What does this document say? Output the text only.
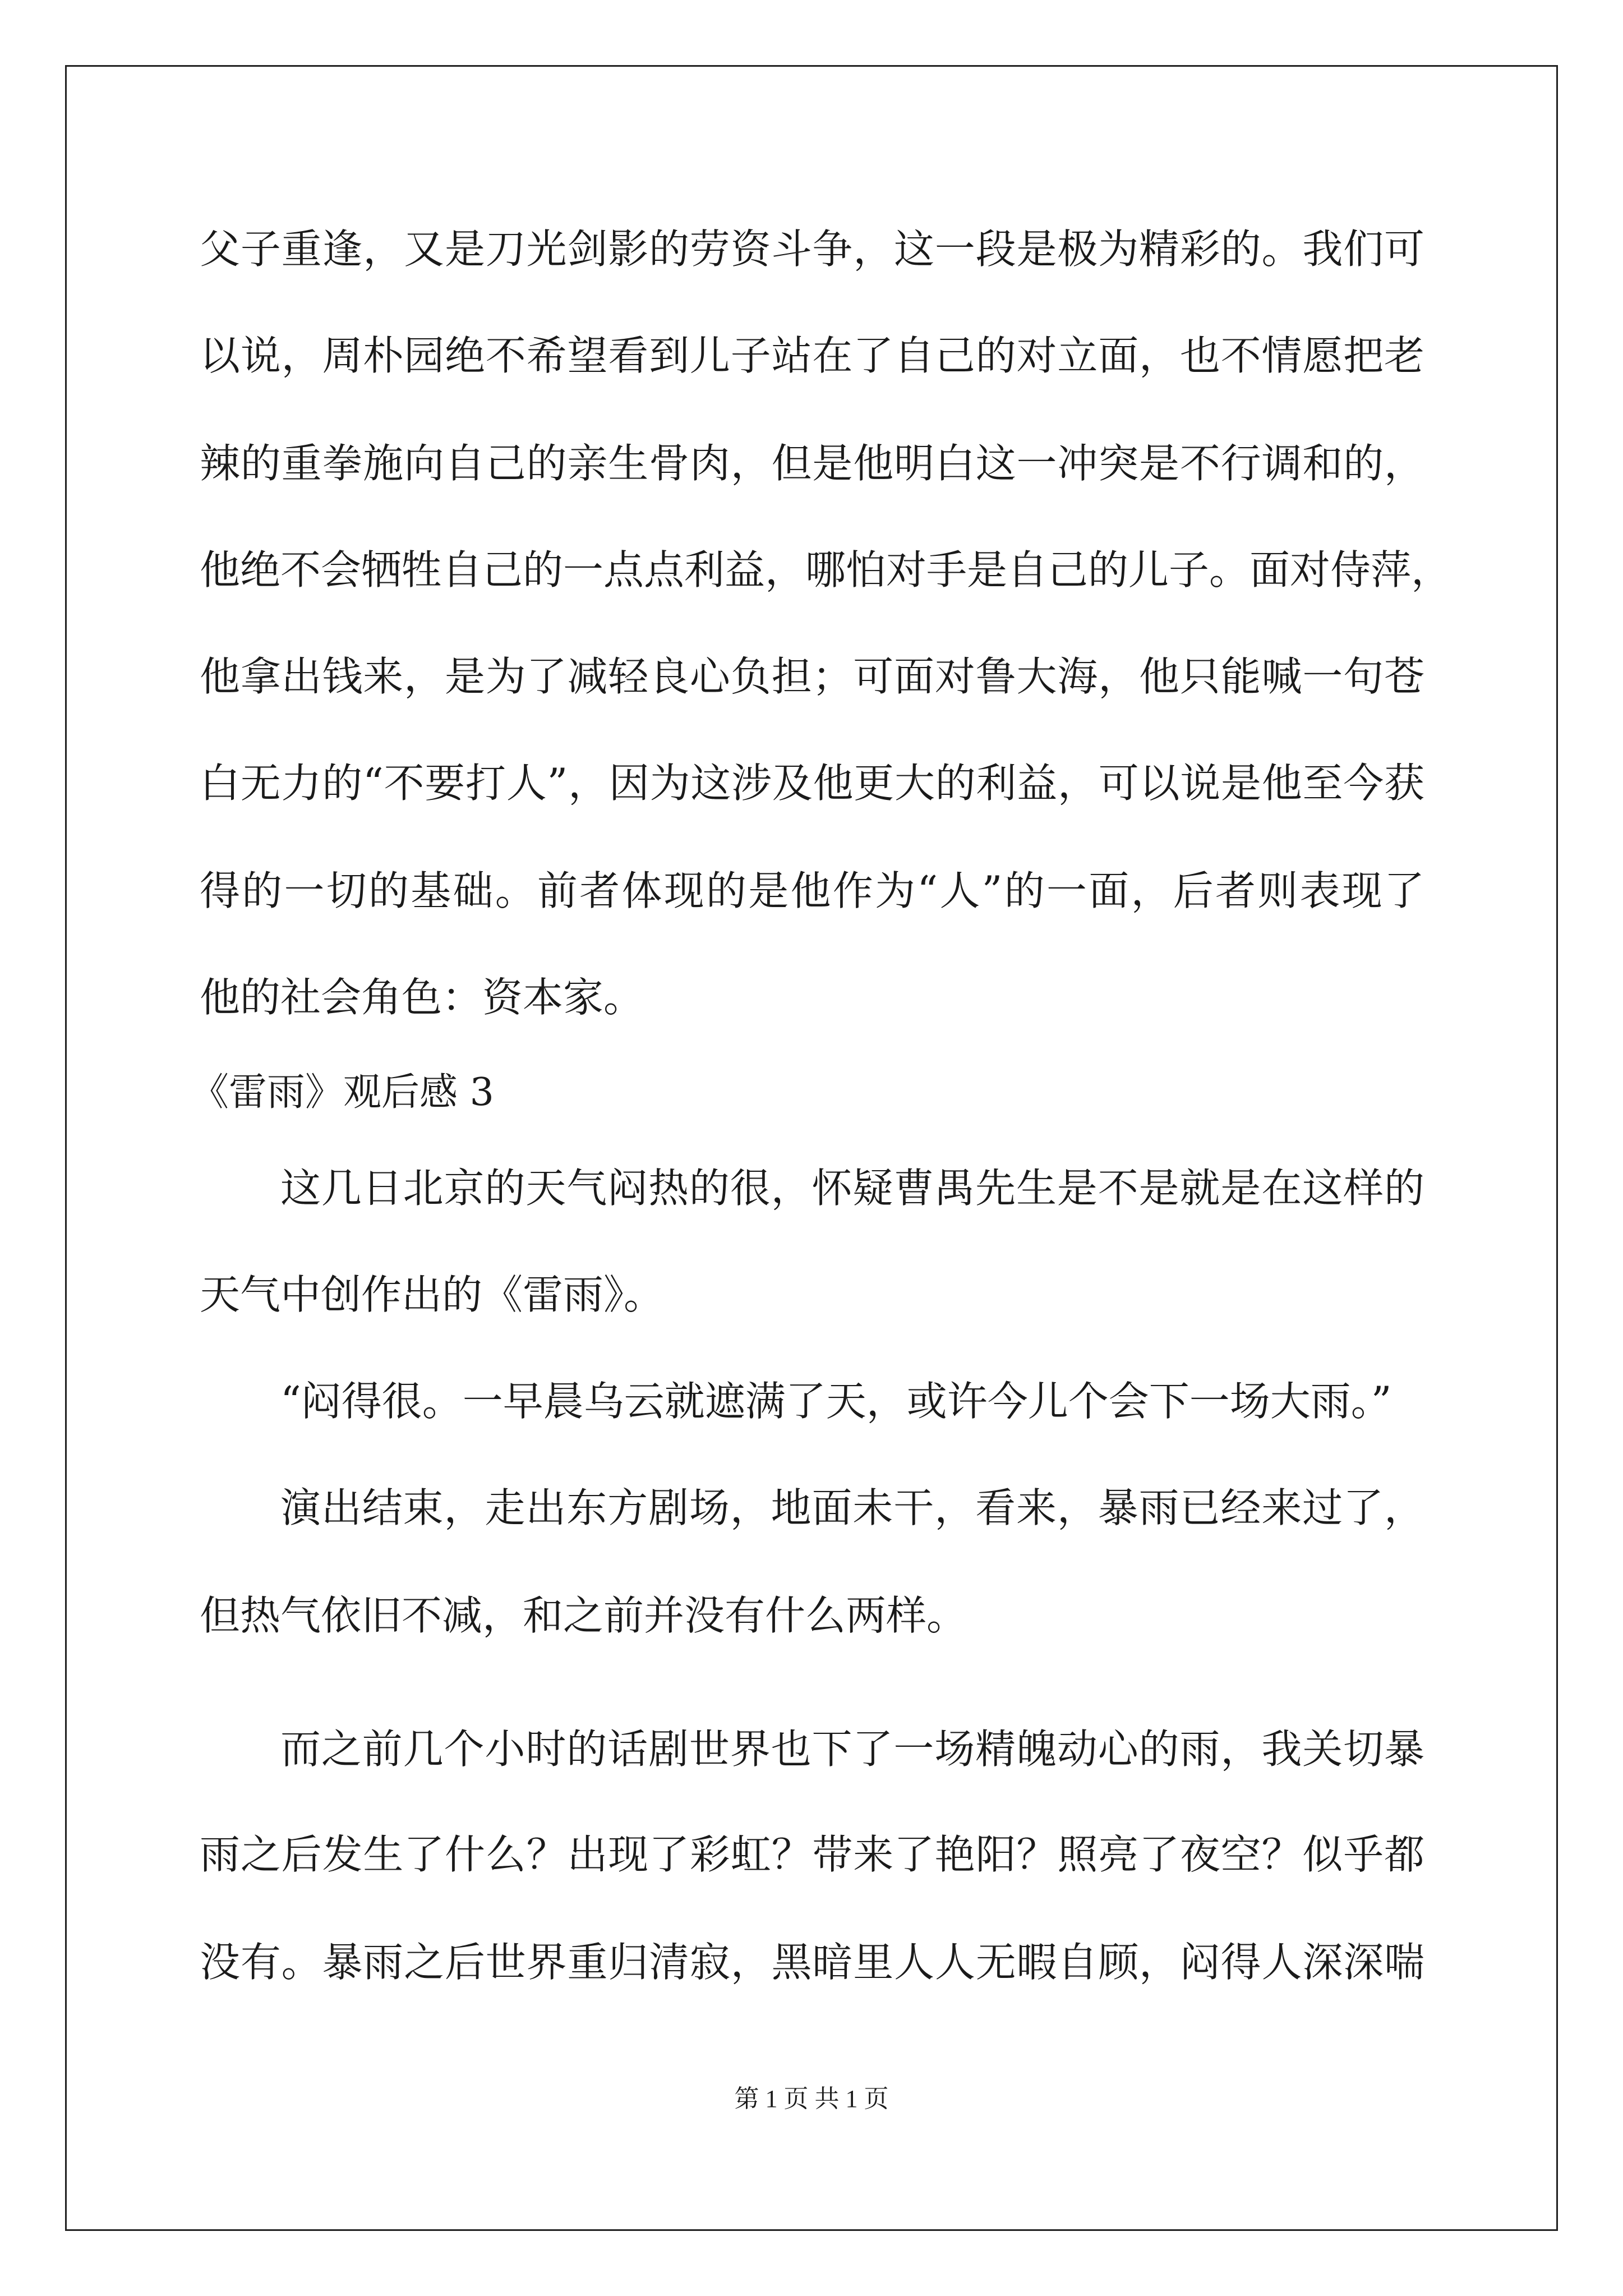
父子重逢，又是刀光剑影的劳资斗争，这一段是极为精彩的。我们可
以说，周朴园绝不希望看到儿子站在了自己的对立面，也不情愿把老
辣的重拳施向自己的亲生骨肉，但是他明白这一冲突是不行调和的，
他绝不会牺牲自己的一点点利益，哪怕对手是自己的儿子。面对侍萍，
他拿出钱来，是为了减轻良心负担；可面对鲁大海，他只能喊一句苍
白无力的“不要打人”，因为这涉及他更大的利益，可以说是他至今获
得的一切的基础。前者体现的是他作为“人”的一面，后者则表现了
他的社会角色：资本家。
《雷雨》观后感 3
这几日北京的天气闷热的很，怀疑曹禺先生是不是就是在这样的
天气中创作出的《雷雨》。
“闷得很。一早晨乌云就遮满了天，或许今儿个会下一场大雨。”
演出结束，走出东方剧场，地面未干，看来，暴雨已经来过了，
但热气依旧不减，和之前并没有什么两样。
而之前几个小时的话剧世界也下了一场精魄动心的雨，我关切暴
雨之后发生了什么？出现了彩虹？带来了艳阳？照亮了夜空？似乎都
没有。暴雨之后世界重归清寂，黑暗里人人无暇自顾，闷得人深深喘
第 1 页 共 1 页
